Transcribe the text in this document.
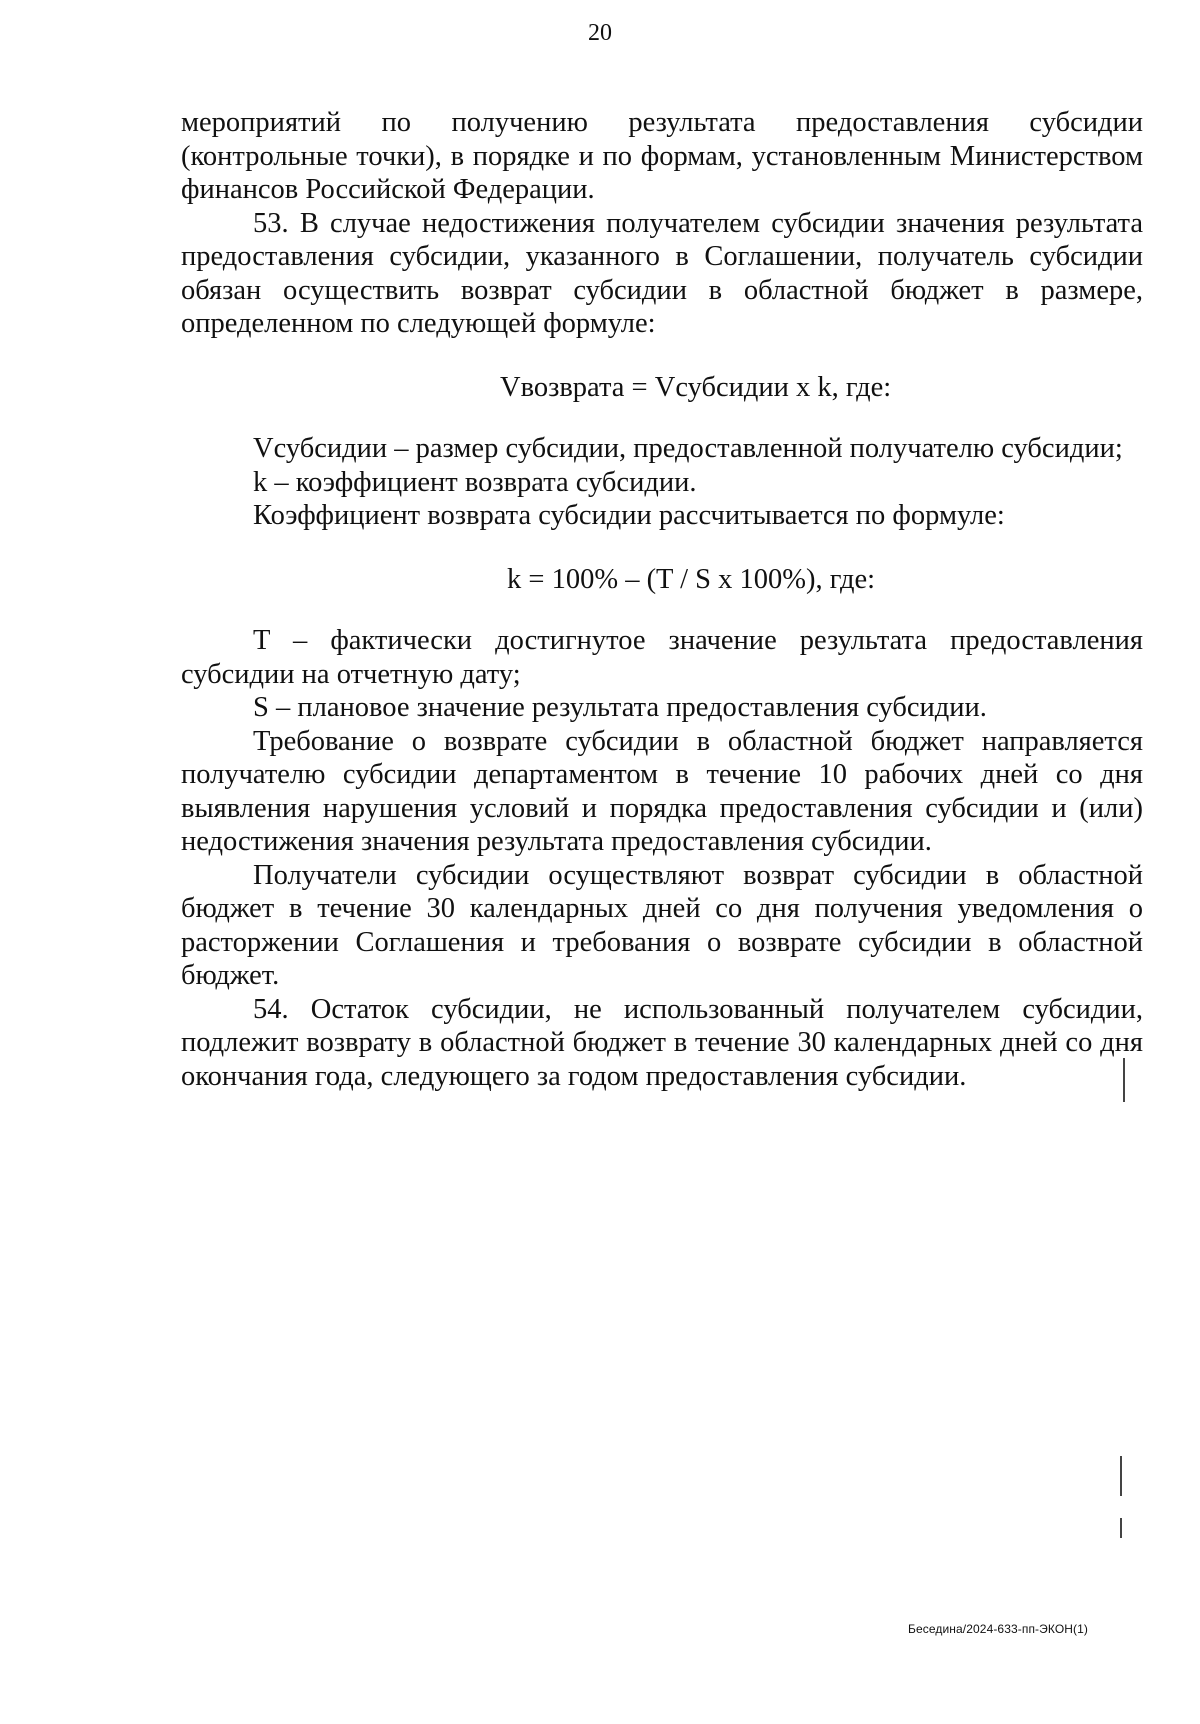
20

мероприятий по получению результата предоставления субсидии (контрольные точки), в порядке и по формам, установленным Министерством финансов Российской Федерации.

53. В случае недостижения получателем субсидии значения результата предоставления субсидии, указанного в Соглашении, получатель субсидии обязан осуществить возврат субсидии в областной бюджет в размере, определенном по следующей формуле:

Vвозврата = Vсубсидии x k, где:

Vсубсидии – размер субсидии, предоставленной получателю субсидии;

k – коэффициент возврата субсидии.

Коэффициент возврата субсидии рассчитывается по формуле:

k = 100% – (T / S x 100%), где:

T – фактически достигнутое значение результата предоставления субсидии на отчетную дату;

S – плановое значение результата предоставления субсидии.

Требование о возврате субсидии в областной бюджет направляется получателю субсидии департаментом в течение 10 рабочих дней со дня выявления нарушения условий и порядка предоставления субсидии и (или) недостижения значения результата предоставления субсидии.

Получатели субсидии осуществляют возврат субсидии в областной бюджет в течение 30 календарных дней со дня получения уведомления о расторжении Соглашения и требования о возврате субсидии в областной бюджет.

54. Остаток субсидии, не использованный получателем субсидии, подлежит возврату в областной бюджет в течение 30 календарных дней со дня окончания года, следующего за годом предоставления субсидии.

Беседина/2024-633-пп-ЭКОН(1)
